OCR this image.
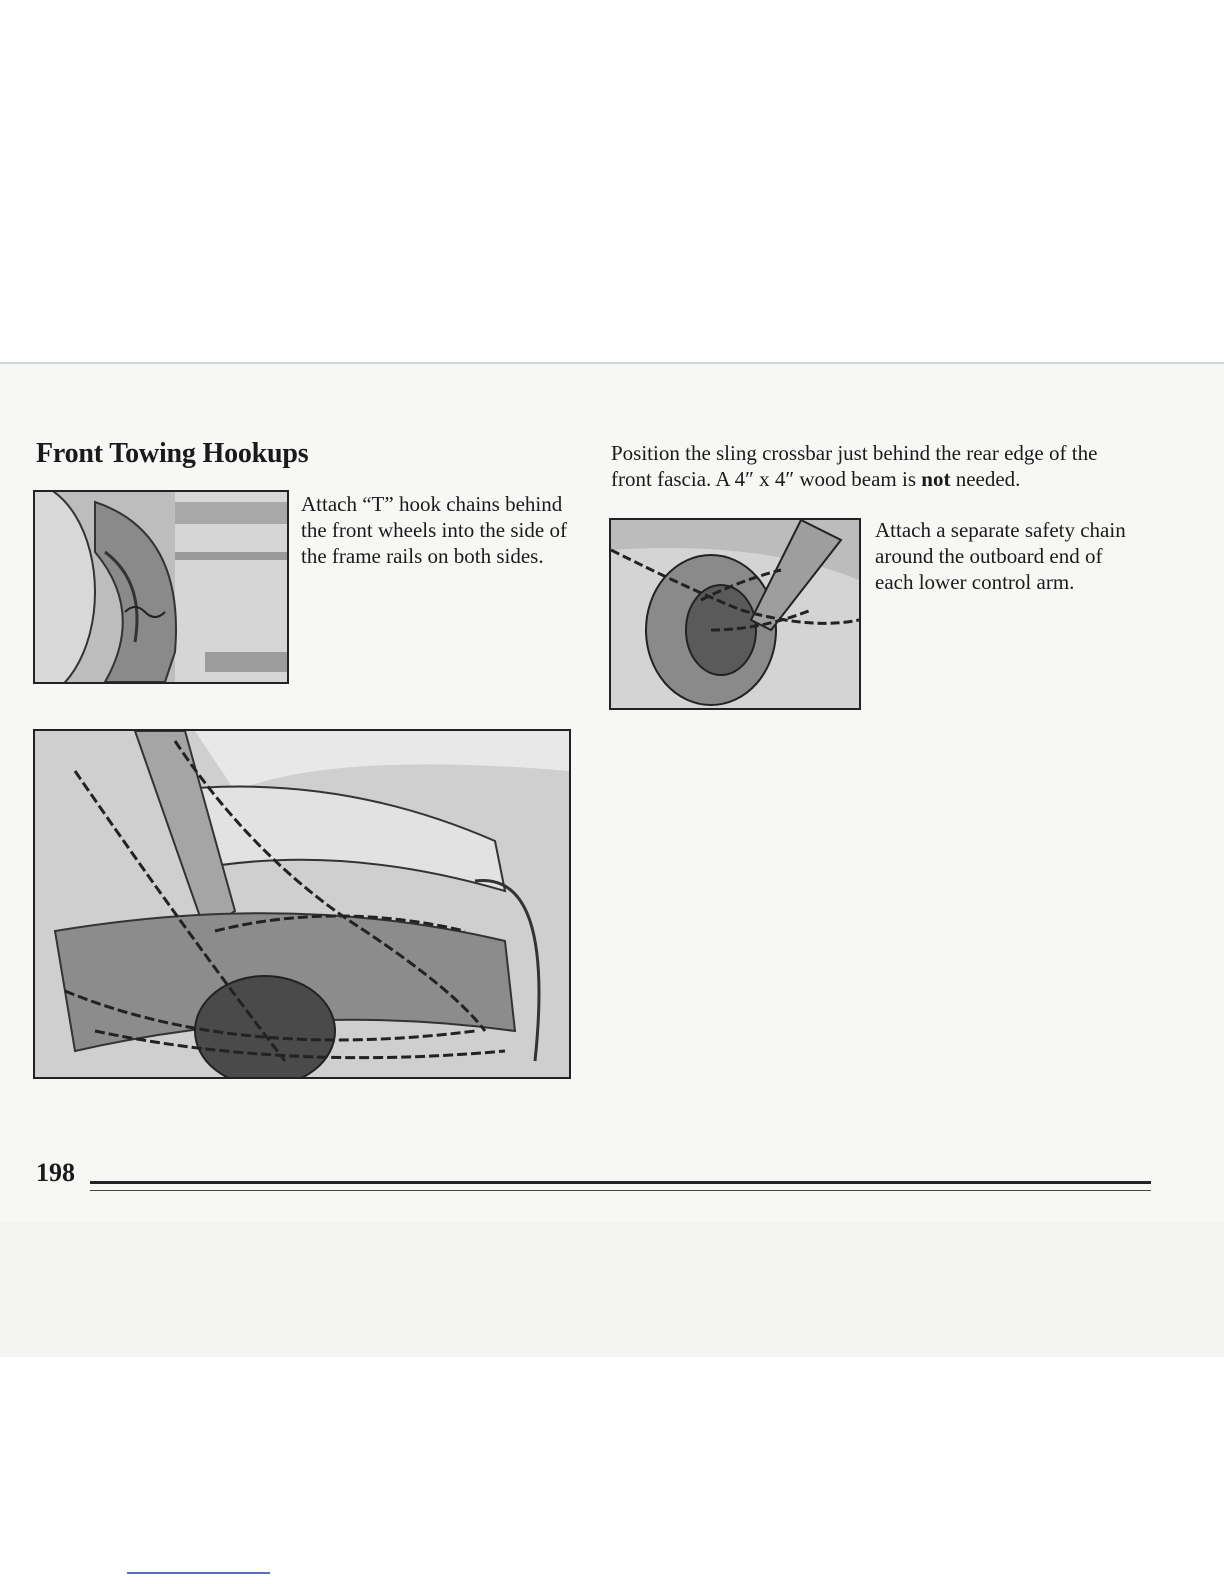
Front Towing Hookups

Attach “T” hook chains behind the front wheels into the side of the frame rails on both sides.

Position the sling crossbar just behind the rear edge of the front fascia. A 4″ x 4″ wood beam is not needed.

Attach a separate safety chain around the outboard end of each lower control arm.

198
